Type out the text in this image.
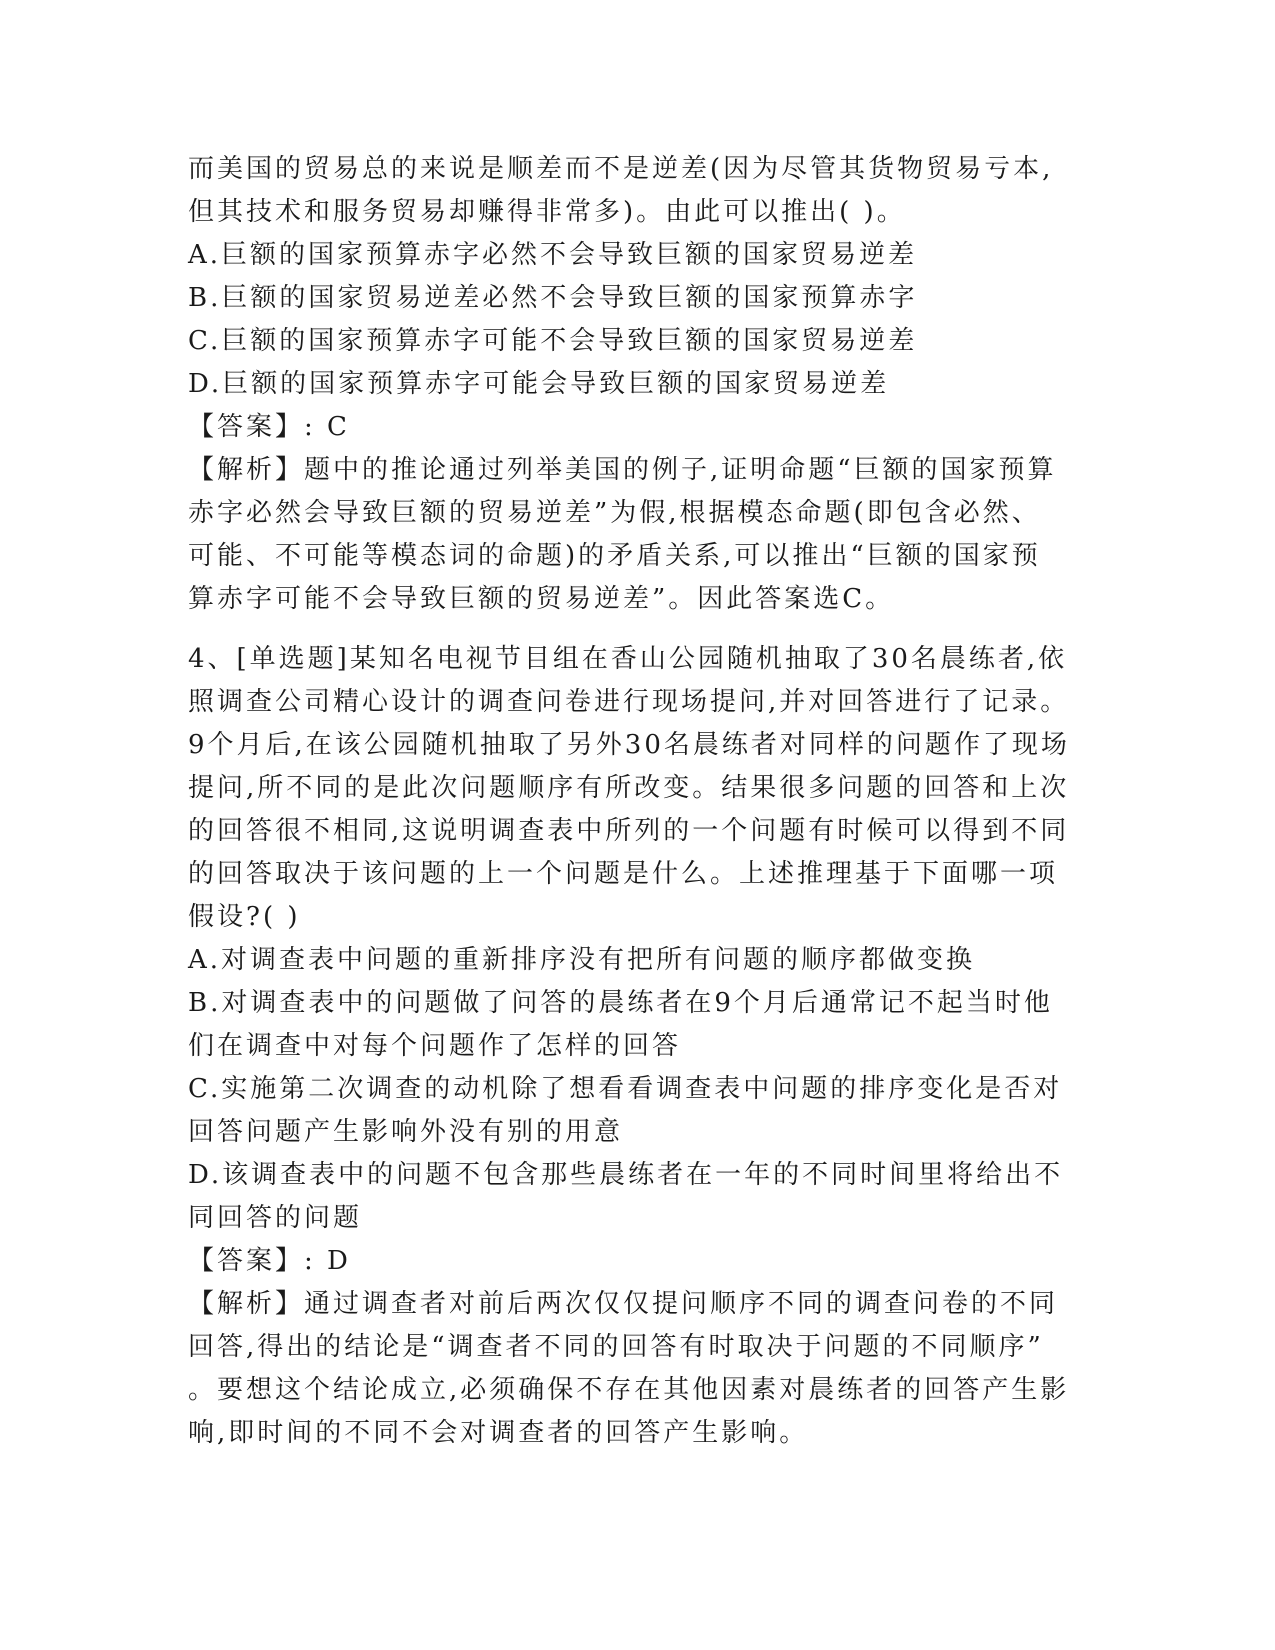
而美国的贸易总的来说是顺差而不是逆差(因为尽管其货物贸易亏本,
但其技术和服务贸易却赚得非常多)。由此可以推出( )。
A.巨额的国家预算赤字必然不会导致巨额的国家贸易逆差
B.巨额的国家贸易逆差必然不会导致巨额的国家预算赤字
C.巨额的国家预算赤字可能不会导致巨额的国家贸易逆差
D.巨额的国家预算赤字可能会导致巨额的国家贸易逆差
【答案】: C
【解析】题中的推论通过列举美国的例子,证明命题“巨额的国家预算
赤字必然会导致巨额的贸易逆差”为假,根据模态命题(即包含必然、
可能、不可能等模态词的命题)的矛盾关系,可以推出“巨额的国家预
算赤字可能不会导致巨额的贸易逆差”。因此答案选C。
4、[单选题]某知名电视节目组在香山公园随机抽取了30名晨练者,依
照调查公司精心设计的调查问卷进行现场提问,并对回答进行了记录。
9个月后,在该公园随机抽取了另外30名晨练者对同样的问题作了现场
提问,所不同的是此次问题顺序有所改变。结果很多问题的回答和上次
的回答很不相同,这说明调查表中所列的一个问题有时候可以得到不同
的回答取决于该问题的上一个问题是什么。上述推理基于下面哪一项
假设?( )
A.对调查表中问题的重新排序没有把所有问题的顺序都做变换
B.对调查表中的问题做了问答的晨练者在9个月后通常记不起当时他
们在调查中对每个问题作了怎样的回答
C.实施第二次调查的动机除了想看看调查表中问题的排序变化是否对
回答问题产生影响外没有别的用意
D.该调查表中的问题不包含那些晨练者在一年的不同时间里将给出不
同回答的问题
【答案】: D
【解析】通过调查者对前后两次仅仅提问顺序不同的调查问卷的不同
回答,得出的结论是“调查者不同的回答有时取决于问题的不同顺序”
。要想这个结论成立,必须确保不存在其他因素对晨练者的回答产生影
响,即时间的不同不会对调查者的回答产生影响。
